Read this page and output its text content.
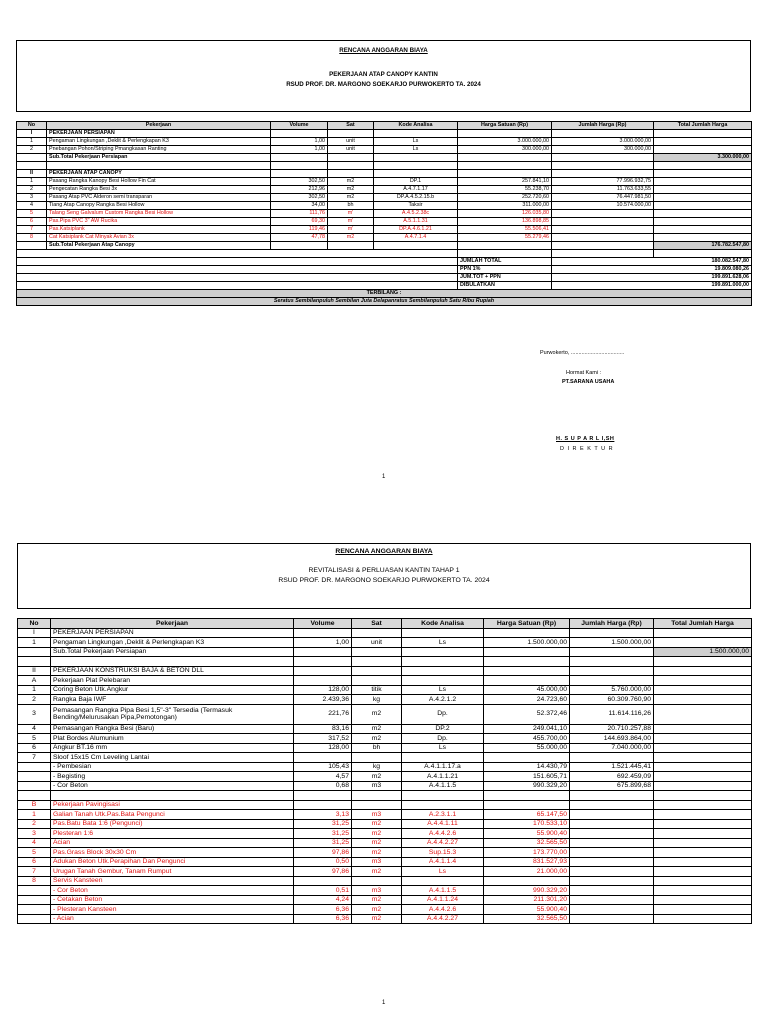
RENCANA ANGGARAN BIAYA
PEKERJAAN ATAP CANOPY KANTIN
RSUD PROF. DR. MARGONO SOEKARJO PURWOKERTO TA. 2024
No	Pekerjaan	Volume	Sat	Kode Analisa	Harga Satuan (Rp)	Jumlah Harga (Rp)	Total Jumlah Harga
I	PEKERJAAN PERSIAPAN						
1	Pengaman Lingkungan ,Deklit & Perlengkapan K3	1,00	unit	Ls	3.000.000,00	3.000.000,00	
2	Pnebangan Pohon/Striping Pmangkasan Ranting	1,00	unit	Ls	300.000,00	300.000,00	
	Sub.Total Pekerjaan Persiapan						3.300.000,00

II	PEKERJAAN ATAP CANOPY						
1	Pasang Rangka Kanopy Besi Hollow Fin Cat	302,50	m2	DP.1	257.841,10	77.996.932,75	
2	Pengecatan Rangka Besi 3x	212,96	m2	A.4.7.1.17	55.238,70	11.763.633,55	
3	Pasang Atap PVC Alderon semi transparan	302,50	m2	DP.A.4.5.2.15.b	252.720,60	76.447.981,50	
4	Tiang Atap Canopy Rangka Besi Hollow	34,00	bh	Taksir	311.000,00	10.574.000,00	
5	Talang Seng Galvalum Custom Rangka Besi Hollow	111,76	m'	A.4.5.2.38c	126.035,80		
6	Pas.Pipa PVC 3" AW Rucika	69,30	m'	A.5.1.1.31	136.898,85		
7	Pas.Katsiplank	119,46	m'	DP.A.4.6.1.21	55.506,41		
8	Cat Katsiplank Cat Minyak Avian 3x	47,78	m2	A.4.7.1.4	55.279,46		
	Sub.Total Pekerjaan Atap Canopy						176.782.547,80

					JUMLAH TOTAL	180.082.547,80	
					PPN 1%	19.809.080,26	
					JUM.TOT + PPN	199.891.628,06	
					DIBULATKAN	199.891.000,00	
TERBILANG :							
Seratus Sembilanpuluh Sembilan Juta Delapanratus Sembilanpuluh Satu Ribu Rupiah							
Purwokerto, ...................................
Hormat Kami :
PT.SARANA USAHA
H. S U P A R L I,SH
D I R E K T U R
1
RENCANA ANGGARAN BIAYA
REVITALISASI & PERLUASAN KANTIN TAHAP 1
RSUD PROF. DR. MARGONO SOEKARJO PURWOKERTO TA. 2024
No	Pekerjaan	Volume	Sat	Kode Analisa	Harga Satuan (Rp)	Jumlah Harga (Rp)	Total Jumlah Harga
I	PEKERJAAN PERSIAPAN						
1	Pengaman Lingkungan ,Deklit & Perlengkapan K3	1,00	unit	Ls	1.500.000,00	1.500.000,00	
	Sub.Total Pekerjaan Persiapan						1.500.000,00

II	PEKERJAAN KONSTRUKSI BAJA & BETON DLL						
A	Pekerjaan Plat Pelebaran						
1	Coring Beton Utk.Angkur	128,00	titik	Ls	45.000,00	5.760.000,00	
2	Rangka Baja IWF	2.439,36	kg	A.4.2.1.2	24.723,60	60.309.760,90	
3	Pemasangan Rangka Pipa Besi 1,5"-3" Tersedia (Termasuk Bending/Melurusakan Pipa,Pemotongan)	221,76	m2	Dp.	52.372,46	11.614.116,26	
4	Pemasangan Rangka Besi (Baru)	83,16	m2	DP.2	249.041,10	20.710.257,88	
5	Plat Bordes Alumunium	317,52	m2	Dp.	455.700,00	144.693.864,00	
6	Angkur BT.16 mm	128,00	bh	Ls	55.000,00	7.040.000,00	
7	Sloof 15x15 Cm Leveling Lantai						
	- Pembesian	105,43	kg	A.4.1.1.17.a	14.430,79	1.521.445,41	
	- Begisting	4,57	m2	A.4.1.1.21	151.605,71	692.459,09	
	- Cor Beton	0,68	m3	A.4.1.1.5	990.329,20	675.899,68	

B	Pekerjaan Pavingisasi						
1	Galian Tanah Utk.Pas.Bata Pengunci	3,13	m3	A.2.3.1.1	65.147,50		
2	Pas.Batu Bata 1:6 (Pengunci)	31,25	m2	A.4.4.1.11	170.533,10		
3	Plesteran 1:6	31,25	m2	A.4.4.2.6	55.900,40		
4	Acian	31,25	m2	A.4.4.2.27	32.565,50		
5	Pas.Grass Block 30x30 Cm	97,86	m2	Sup.15.3	173.770,00		
6	Adukan Beton Utk.Perapihan Dan Pengunci	0,50	m3	A.4.1.1.4	831.527,93		
7	Urugan Tanah Gembur, Tanam Rumput	97,86	m2	Ls	21.000,00		
8	Servis Kansteen						
	- Cor Beton	0,51	m3	A.4.1.1.5	990.329,20		
	- Cetakan Beton	4,24	m2	A.4.1.1.24	211.301,20		
	- Plesteran Kansteen	6,36	m2	A.4.4.2.6	55.900,40		
	- Acian	6,36	m2	A.4.4.2.27	32.565,50		
1
